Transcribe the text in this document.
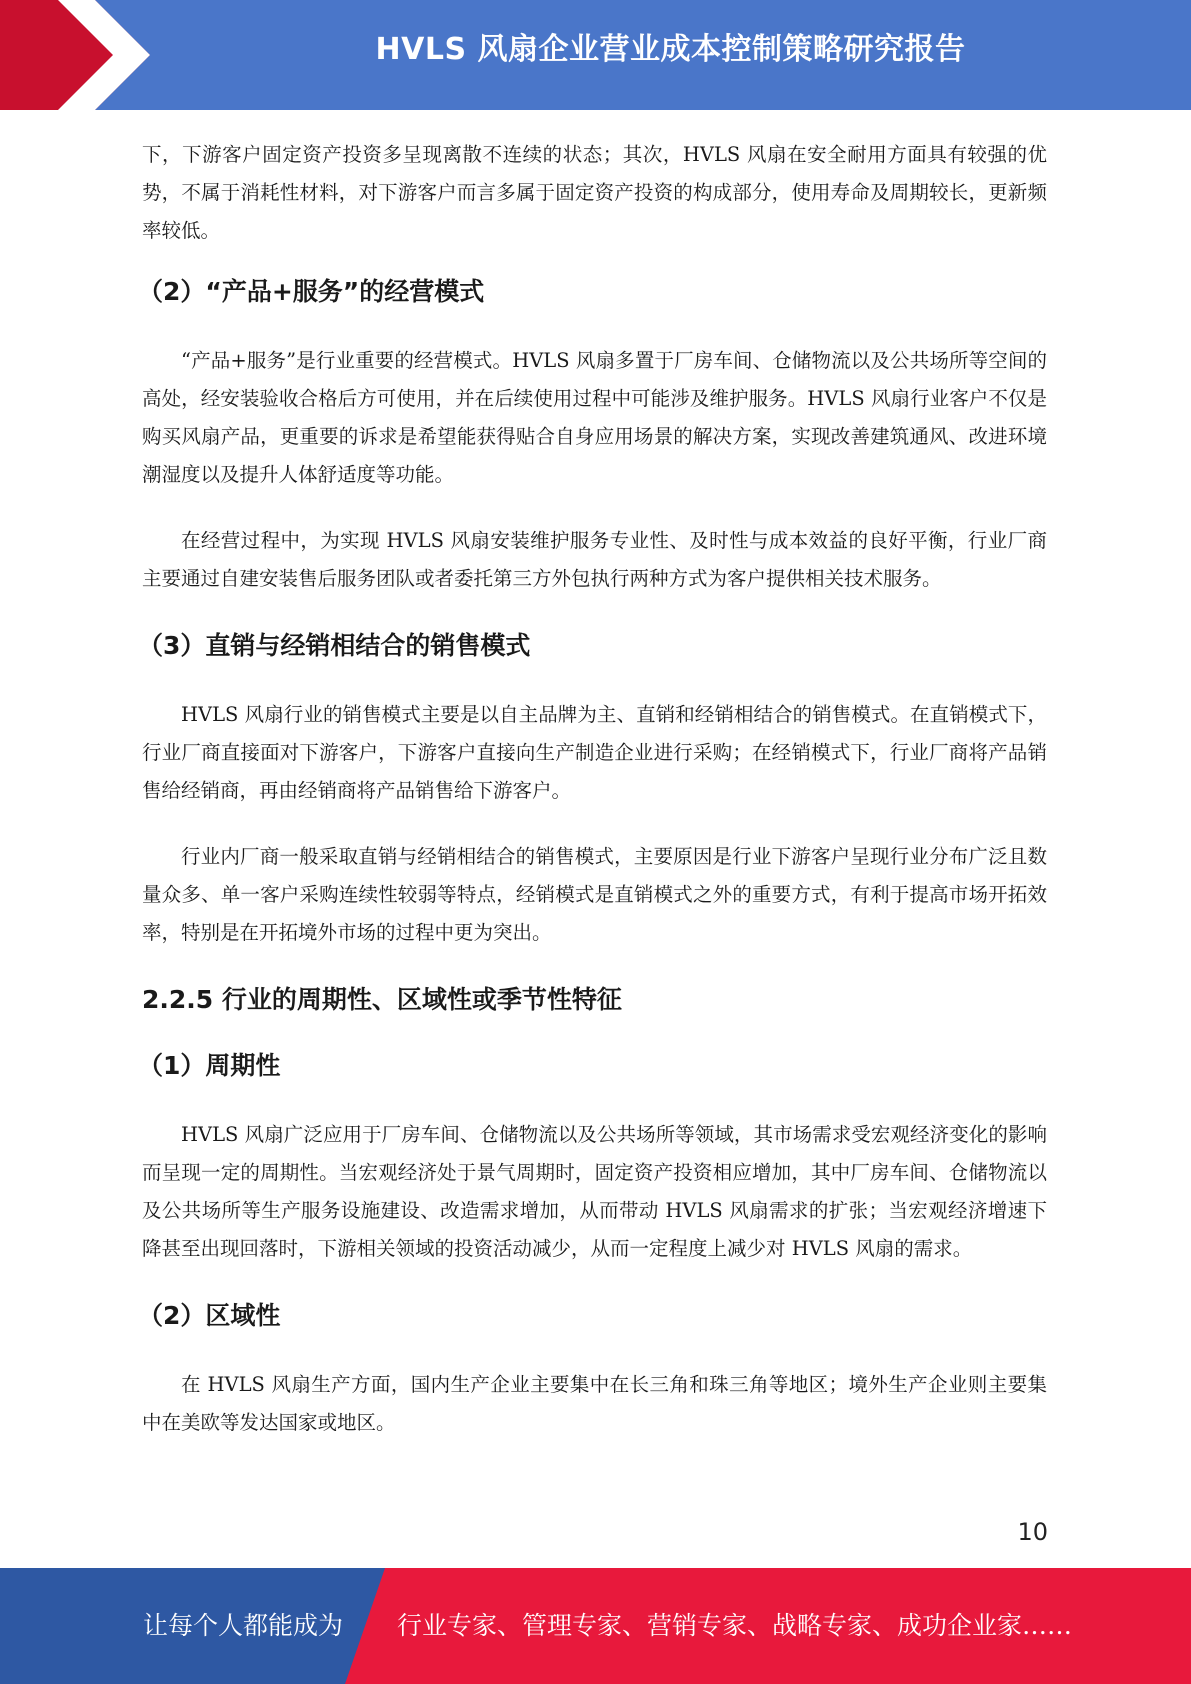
HVLS 风扇企业营业成本控制策略研究报告

下，下游客户固定资产投资多呈现离散不连续的状态；其次，HVLS 风扇在安全耐用方面具有较强的优势，不属于消耗性材料，对下游客户而言多属于固定资产投资的构成部分，使用寿命及周期较长，更新频率较低。

（2）“产品+服务”的经营模式

“产品+服务”是行业重要的经营模式。HVLS 风扇多置于厂房车间、仓储物流以及公共场所等空间的高处，经安装验收合格后方可使用，并在后续使用过程中可能涉及维护服务。HVLS 风扇行业客户不仅是购买风扇产品，更重要的诉求是希望能获得贴合自身应用场景的解决方案，实现改善建筑通风、改进环境潮湿度以及提升人体舒适度等功能。

在经营过程中，为实现 HVLS 风扇安装维护服务专业性、及时性与成本效益的良好平衡，行业厂商主要通过自建安装售后服务团队或者委托第三方外包执行两种方式为客户提供相关技术服务。

（3）直销与经销相结合的销售模式

HVLS 风扇行业的销售模式主要是以自主品牌为主、直销和经销相结合的销售模式。在直销模式下，行业厂商直接面对下游客户，下游客户直接向生产制造企业进行采购；在经销模式下，行业厂商将产品销售给经销商，再由经销商将产品销售给下游客户。

行业内厂商一般采取直销与经销相结合的销售模式，主要原因是行业下游客户呈现行业分布广泛且数量众多、单一客户采购连续性较弱等特点，经销模式是直销模式之外的重要方式，有利于提高市场开拓效率，特别是在开拓境外市场的过程中更为突出。

2.2.5 行业的周期性、区域性或季节性特征
（1）周期性

HVLS 风扇广泛应用于厂房车间、仓储物流以及公共场所等领域，其市场需求受宏观经济变化的影响而呈现一定的周期性。当宏观经济处于景气周期时，固定资产投资相应增加，其中厂房车间、仓储物流以及公共场所等生产服务设施建设、改造需求增加，从而带动 HVLS 风扇需求的扩张；当宏观经济增速下降甚至出现回落时，下游相关领域的投资活动减少，从而一定程度上减少对 HVLS 风扇的需求。

（2）区域性

在 HVLS 风扇生产方面，国内生产企业主要集中在长三角和珠三角等地区；境外生产企业则主要集中在美欧等发达国家或地区。

10
让每个人都能成为 行业专家、管理专家、营销专家、战略专家、成功企业家……
